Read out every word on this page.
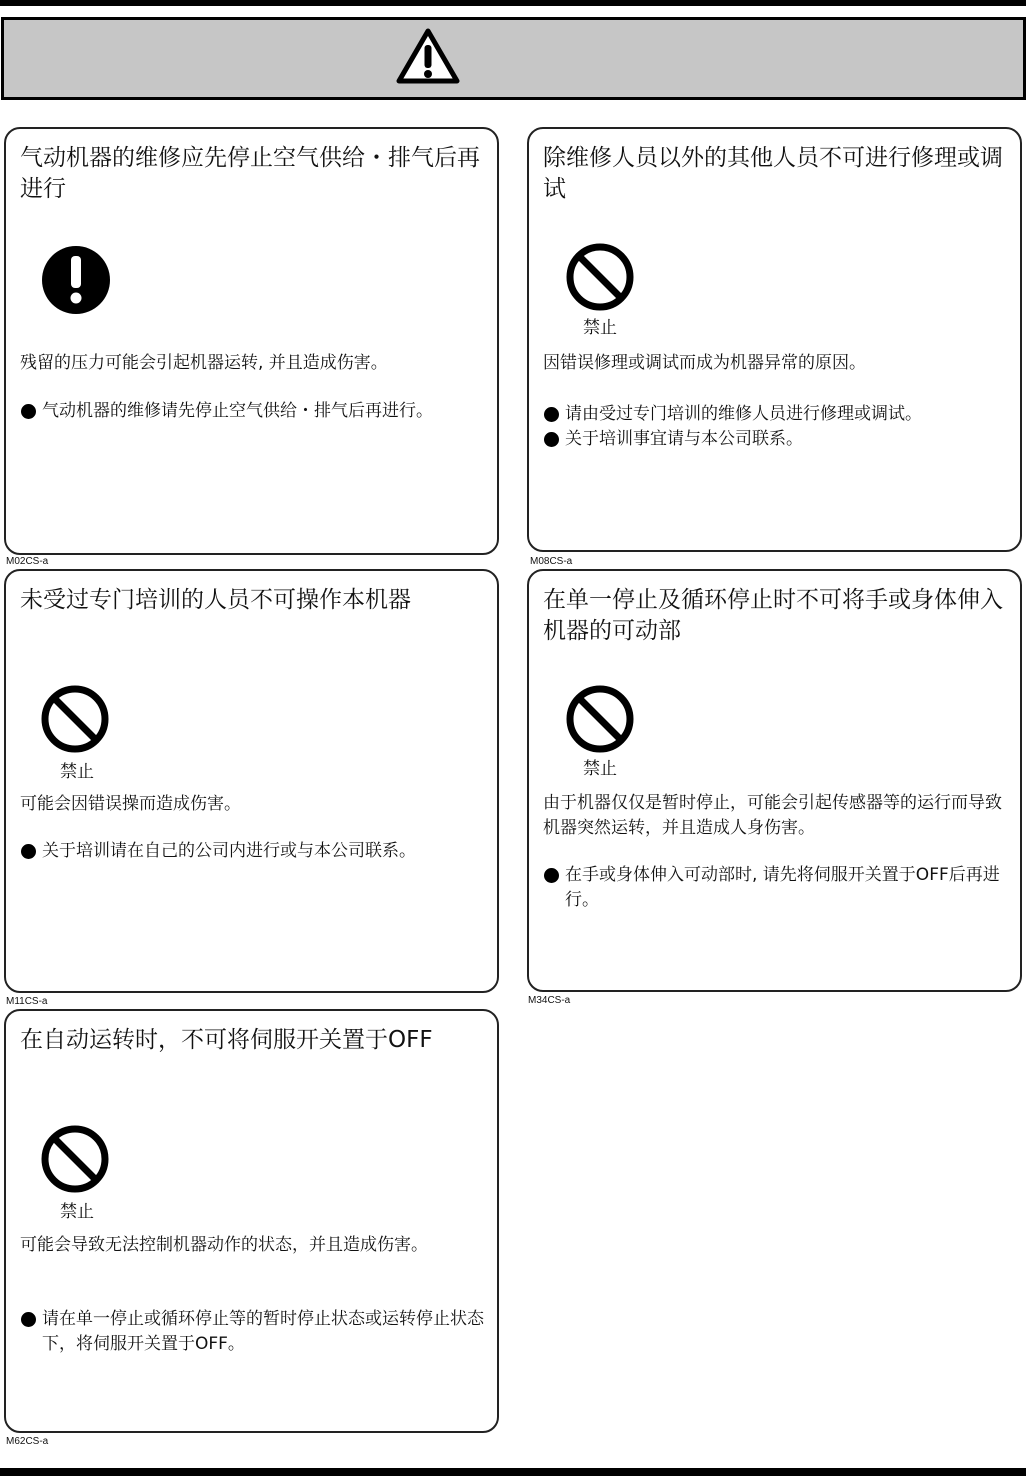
气动机器的维修应先停止空气供给・排气后再进行
残留的压力可能会引起机器运转, 并且造成伤害。
气动机器的维修请先停止空气供给・排气后再进行。
M02CS-a
除维修人员以外的其他人员不可进行修理或调试
禁止
因错误修理或调试而成为机器异常的原因。
请由受过专门培训的维修人员进行修理或调试。
关于培训事宜请与本公司联系。
M08CS-a
未受过专门培训的人员不可操作本机器
禁止
可能会因错误操而造成伤害。
关于培训请在自己的公司内进行或与本公司联系。
M11CS-a
在单一停止及循环停止时不可将手或身体伸入机器的可动部
禁止
由于机器仅仅是暂时停止，可能会引起传感器等的运行而导致机器突然运转，并且造成人身伤害。
在手或身体伸入可动部时, 请先将伺服开关置于OFF后再进行。
M34CS-a
在自动运转时，不可将伺服开关置于OFF
禁止
可能会导致无法控制机器动作的状态，并且造成伤害。
请在单一停止或循环停止等的暂时停止状态或运转停止状态下，将伺服开关置于OFF。
M62CS-a
